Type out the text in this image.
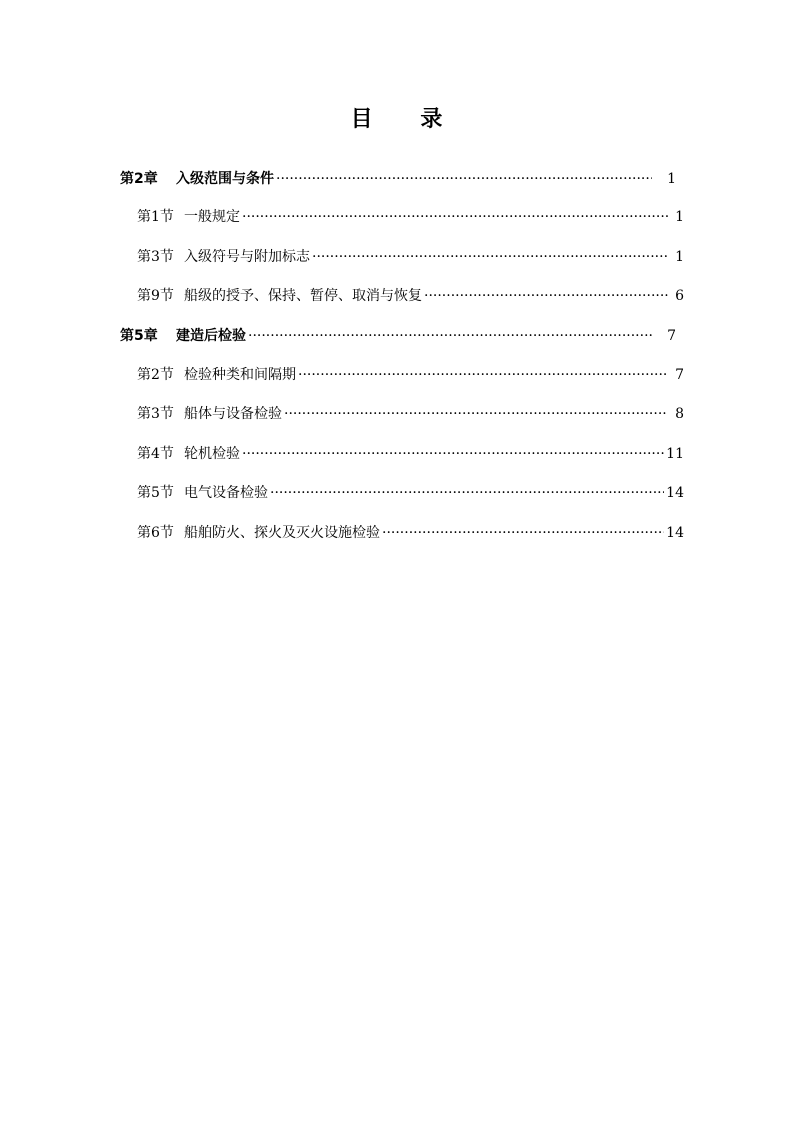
目 录
第2章	入级范围与条件 ·····	1
第1节 一般规定 ·····	1
第3节 入级符号与附加标志 ·····	1
第9节 船级的授予、保持、暂停、取消与恢复 ·····	6
第5章	建造后检验 ·····	7
第2节 检验种类和间隔期 ·····	7
第3节 船体与设备检验 ·····	8
第4节 轮机检验 ·····	11
第5节 电气设备检验 ·····	14
第6节 船舶防火、探火及灭火设施检验 ·····	14
